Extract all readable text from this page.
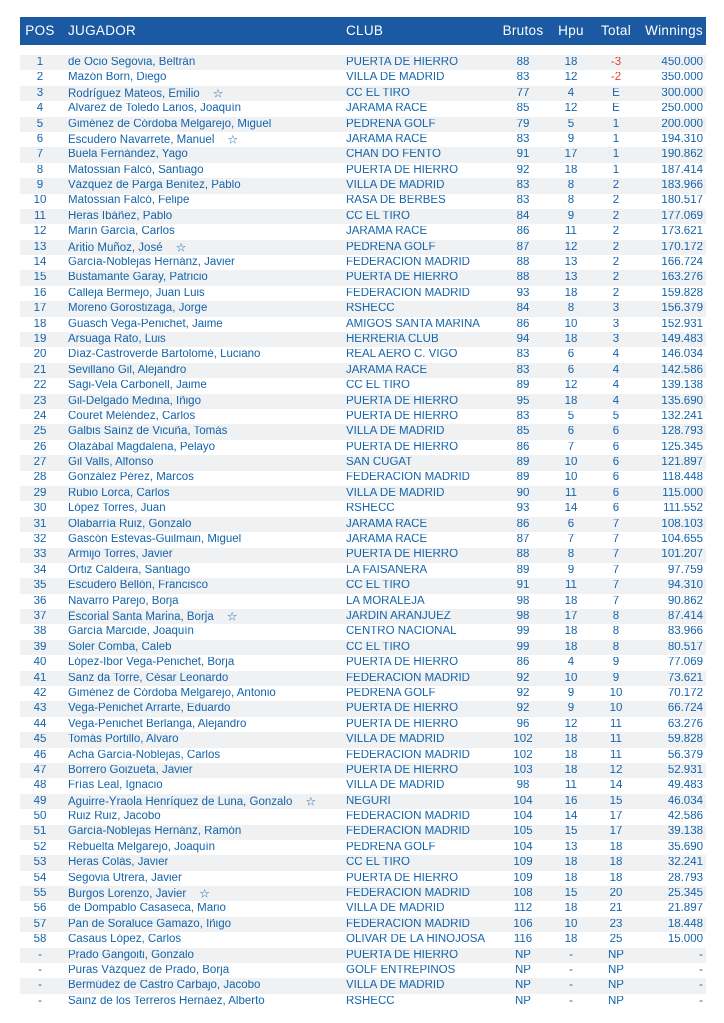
POS JUGADOR	CLUB	Brutos	Hpu	Total	Winnings
1	de Ocio Segovia, Beltrán	PUERTA DE HIERRO	88	18	-3	450.000
2	Mazón Born, Diego	VILLA DE MADRID	83	12	-2	350.000
3	Rodríguez Mateos, Emilio ☆	CC EL TIRO	77	4	E	300.000
4	Álvarez de Toledo Larios, Joaquín	JARAMA RACE	85	12	E	250.000
5	Giménez de Córdoba Melgarejo, Miguel	PEDREÑA GOLF	79	5	1	200.000
6	Escudero Navarrete, Manuel ☆	JARAMA RACE	83	9	1	194.310
7	Buela Fernández, Yago	CHAN DO FENTO	91	17	1	190.862
8	Matossian Falcó, Santiago	PUERTA DE HIERRO	92	18	1	187.414
9	Vázquez de Parga Benítez, Pablo	VILLA DE MADRID	83	8	2	183.966
10	Matossian Falcó, Felipe	RASA DE BERBES	83	8	2	180.517
11	Heras Ibáñez, Pablo	CC EL TIRO	84	9	2	177.069
12	Marín García, Carlos	JARAMA RACE	86	11	2	173.621
13	Aritio Muñoz, José ☆	PEDREÑA GOLF	87	12	2	170.172
14	García-Noblejas Hernánz, Javier	FEDERACIÓN MADRID	88	13	2	166.724
15	Bustamante Garay, Patricio	PUERTA DE HIERRO	88	13	2	163.276
16	Calleja Bermejo, Juan Luis	FEDERACIÓN MADRID	93	18	2	159.828
17	Moreno Gorostizaga, Jorge	RSHECC	84	8	3	156.379
18	Guasch Vega-Penichet, Jaime	AMIGOS SANTA MARINA	86	10	3	152.931
19	Arsuaga Rato, Luis	HERRERIA CLUB	94	18	3	149.483
20	Díaz-Castroverde Bartolomé, Luciano	REAL AERO C. VIGO	83	6	4	146.034
21	Sevillano Gil, Alejandro	JARAMA RACE	83	6	4	142.586
22	Sagi-Vela Carbonell, Jaime	CC EL TIRO	89	12	4	139.138
23	Gil-Delgado Medina, Iñigo	PUERTA DE HIERRO	95	18	4	135.690
24	Couret Meléndez, Carlos	PUERTA DE HIERRO	83	5	5	132.241
25	Galbis Saínz de Vicuña, Tomás	VILLA DE MADRID	85	6	6	128.793
26	Olazábal Magdalena, Pelayo	PUERTA DE HIERRO	86	7	6	125.345
27	Gil Valls, Alfonso	SAN CUGAT	89	10	6	121.897
28	González Pérez, Marcos	FEDERACIÓN MADRID	89	10	6	118.448
29	Rubio Lorca, Carlos	VILLA DE MADRID	90	11	6	115.000
30	López Torres, Juan	RSHECC	93	14	6	111.552
31	Olabarría Ruiz, Gonzalo	JARAMA RACE	86	6	7	108.103
32	Gascón Estevas-Guilmain, Miguel	JARAMA RACE	87	7	7	104.655
33	Armijo Torres, Javier	PUERTA DE HIERRO	88	8	7	101.207
34	Ortiz Caldeira, Santiago	LA FAISANERA	89	9	7	97.759
35	Escudero Bellón, Francisco	CC EL TIRO	91	11	7	94.310
36	Navarro Parejo, Borja	LA MORALEJA	98	18	7	90.862
37	Escorial Santa Marina, Borja ☆	JARDIN ARANJUEZ	98	17	8	87.414
38	García Marcide, Joaquín	CENTRO NACIONAL	99	18	8	83.966
39	Soler Comba, Caleb	CC EL TIRO	99	18	8	80.517
40	López-Ibor Vega-Penichet, Borja	PUERTA DE HIERRO	86	4	9	77.069
41	Sanz da Torre, César Leonardo	FEDERACIÓN MADRID	92	10	9	73.621
42	Giménez de Córdoba Melgarejo, Antonio	PEDREÑA GOLF	92	9	10	70.172
43	Vega-Penichet Arrarte, Eduardo	PUERTA DE HIERRO	92	9	10	66.724
44	Vega-Penichet Berlanga, Alejandro	PUERTA DE HIERRO	96	12	11	63.276
45	Tomás Portillo, Alvaro	VILLA DE MADRID	102	18	11	59.828
46	Acha García-Noblejas, Carlos	FEDERACIÓN MADRID	102	18	11	56.379
47	Borrero Goizueta, Javier	PUERTA DE HIERRO	103	18	12	52.931
48	Frías Leal, Ignacio	VILLA DE MADRID	98	11	14	49.483
49	Aguirre-Yraola Henríquez de Luna, Gonzalo ☆	NEGURI	104	16	15	46.034
50	Ruiz Ruiz, Jacobo	FEDERACIÓN MADRID	104	14	17	42.586
51	García-Noblejas Hernánz, Ramón	FEDERACIÓN MADRID	105	15	17	39.138
52	Rebuelta Melgarejo, Joaquín	PEDREÑA GOLF	104	13	18	35.690
53	Heras Colás, Javier	CC EL TIRO	109	18	18	32.241
54	Segovia Utrera, Javier	PUERTA DE HIERRO	109	18	18	28.793
55	Burgos Lorenzo, Javier ☆	FEDERACIÓN MADRID	108	15	20	25.345
56	de Dompablo Casaseca, Mario	VILLA DE MADRID	112	18	21	21.897
57	Pan de Soraluce Gamazo, Iñigo	FEDERACIÓN MADRID	106	10	23	18.448
58	Casaus López, Carlos	OLIVAR DE LA HINOJOSA	116	18	25	15.000
-	Prado Gangoiti, Gonzalo	PUERTA DE HIERRO	NP	-	NP	-
-	Puras Vázquez de Prado, Borja	GOLF ENTREPINOS	NP	-	NP	-
-	Bermúdez de Castro Carbajo, Jacobo	VILLA DE MADRID	NP	-	NP	-
-	Sainz de los Terreros Hernáez, Alberto	RSHECC	NP	-	NP	-
